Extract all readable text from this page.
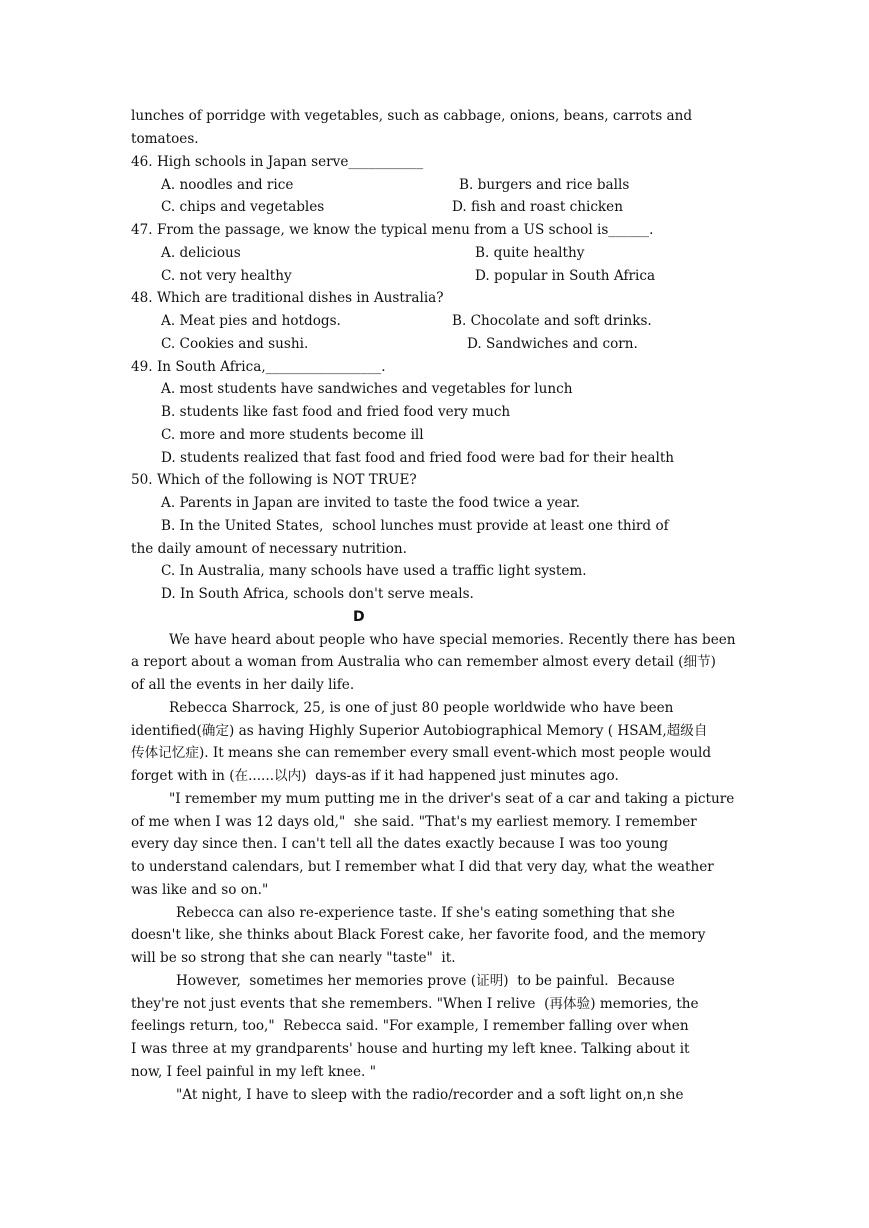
lunches of porridge with vegetables, such as cabbage, onions, beans, carrots and
tomatoes.
46. High schools in Japan serve___________
A. noodles and rice	B. burgers and rice balls
C. chips and vegetables	D. fish and roast chicken
47. From the passage, we know the typical menu from a US school is______.
A. delicious	B. quite healthy
C. not very healthy	D. popular in South Africa
48. Which are traditional dishes in Australia?
A. Meat pies and hotdogs.	B. Chocolate and soft drinks.
C. Cookies and sushi.	D. Sandwiches and corn.
49. In South Africa,_________________.
A. most students have sandwiches and vegetables for lunch
B. students like fast food and fried food very much
C. more and more students become ill
D. students realized that fast food and fried food were bad for their health
50. Which of the following is NOT TRUE?
A. Parents in Japan are invited to taste the food twice a year.
B. In the United States,  school lunches must provide at least one third of
the daily amount of necessary nutrition.
C. In Australia, many schools have used a traffic light system.
D. In South Africa, schools don't serve meals.
D
We have heard about people who have special memories. Recently there has been
a report about a woman from Australia who can remember almost every detail (细节)
of all the events in her daily life.
Rebecca Sharrock, 25, is one of just 80 people worldwide who have been
identified(确定) as having Highly Superior Autobiographical Memory ( HSAM,超级自
传体记忆症). It means she can remember every small event-which most people would
forget with in (在......以内)  days-as if it had happened just minutes ago.
"I remember my mum putting me in the driver's seat of a car and taking a picture
of me when I was 12 days old,"  she said. "That's my earliest memory. I remember
every day since then. I can't tell all the dates exactly because I was too young
to understand calendars, but I remember what I did that very day, what the weather
was like and so on."
Rebecca can also re-experience taste. If she's eating something that she
doesn't like, she thinks about Black Forest cake, her favorite food, and the memory
will be so strong that she can nearly "taste"  it.
However,  sometimes her memories prove (证明)  to be painful.  Because
they're not just events that she remembers. "When I relive  (再体验) memories, the
feelings return, too,"  Rebecca said. "For example, I remember falling over when
I was three at my grandparents' house and hurting my left knee. Talking about it
now, I feel painful in my left knee. "
"At night, I have to sleep with the radio/recorder and a soft light on,n she
